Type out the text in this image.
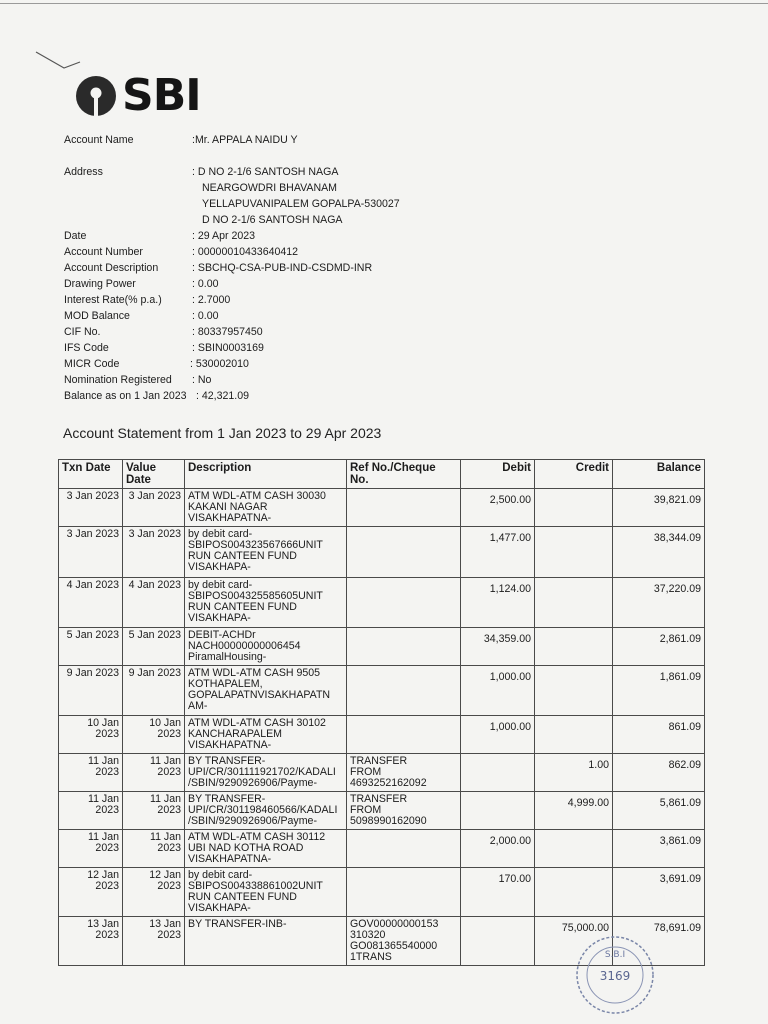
SBI
Account Name	:Mr. APPALA NAIDU Y
Address	: D NO 2-1/6 SANTOSH NAGA
NEARGOWDRI BHAVANAM
YELLAPUVANIPALEM GOPALPA-530027
D NO 2-1/6 SANTOSH NAGA
Date	: 29 Apr 2023
Account Number	: 00000010433640412
Account Description	: SBCHQ-CSA-PUB-IND-CSDMD-INR
Drawing Power	: 0.00
Interest Rate(% p.a.)	: 2.7000
MOD Balance	: 0.00
CIF No.	: 80337957450
IFS Code	: SBIN0003169
MICR Code	: 530002010
Nomination Registered	: No
Balance as on 1 Jan 2023 : 42,321.09
Account Statement from 1 Jan 2023 to 29 Apr 2023
Txn Date	Value Date	Description	Ref No./Cheque No.	Debit	Credit	Balance
3 Jan 2023	3 Jan 2023	ATM WDL-ATM CASH 30030
KAKANI NAGAR
VISAKHAPATNA-		2,500.00		39,821.09
3 Jan 2023	3 Jan 2023	by debit card-
SBIPOS004323567666UNIT
RUN CANTEEN FUND
VISAKHAPA-		1,477.00		38,344.09
4 Jan 2023	4 Jan 2023	by debit card-
SBIPOS004325585605UNIT
RUN CANTEEN FUND
VISAKHAPA-		1,124.00		37,220.09
5 Jan 2023	5 Jan 2023	DEBIT-ACHDr
NACH00000000006454
PiramalHousing-		34,359.00		2,861.09
9 Jan 2023	9 Jan 2023	ATM WDL-ATM CASH 9505
KOTHAPALEM,
GOPALAPATNVISAKHAPATN
AM-		1,000.00		1,861.09
10 Jan
2023	10 Jan
2023	ATM WDL-ATM CASH 30102
KANCHARAPALEM
VISAKHAPATNA-		1,000.00		861.09
11 Jan
2023	11 Jan
2023	BY TRANSFER-
UPI/CR/301111921702/KADALI
/SBIN/9290926906/Payme-	TRANSFER
FROM
4693252162092		1.00	862.09
11 Jan
2023	11 Jan
2023	BY TRANSFER-
UPI/CR/301198460566/KADALI
/SBIN/9290926906/Payme-	TRANSFER
FROM
5098990162090		4,999.00	5,861.09
11 Jan
2023	11 Jan
2023	ATM WDL-ATM CASH 30112
UBI NAD KOTHA ROAD
VISAKHAPATNA-		2,000.00		3,861.09
12 Jan
2023	12 Jan
2023	by debit card-
SBIPOS004338861002UNIT
RUN CANTEEN FUND
VISAKHAPA-		170.00		3,691.09
13 Jan
2023	13 Jan
2023	BY TRANSFER-INB-	GOV00000000153
310320
GO081365540000
1TRANS		75,000.00	78,691.09
S.B.I
3169
